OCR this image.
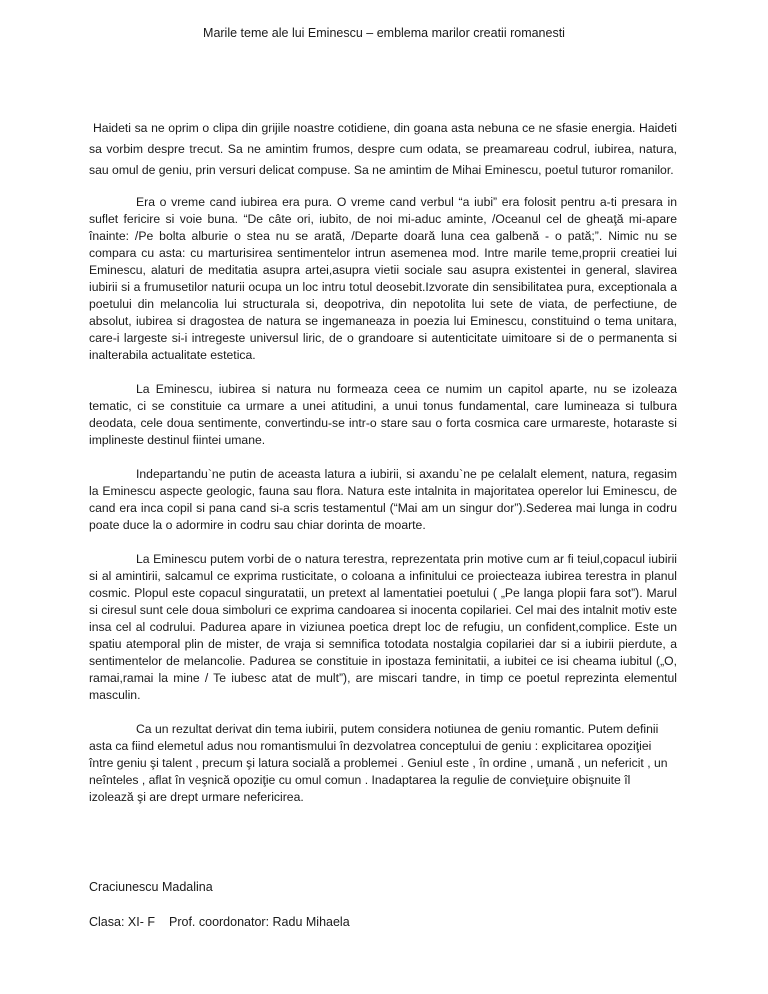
Marile teme ale lui Eminescu – emblema marilor creatii romanesti

Haideti sa ne oprim o clipa din grijile noastre cotidiene, din goana asta nebuna ce ne sfasie energia. Haideti sa vorbim despre trecut. Sa ne amintim frumos, despre cum odata, se preamareau codrul, iubirea, natura, sau omul de geniu, prin versuri delicat compuse. Sa ne amintim de Mihai Eminescu, poetul tuturor romanilor.

Era o vreme cand iubirea era pura. O vreme cand verbul “a iubi” era folosit pentru a-ti presara in suflet fericire si voie buna. “De câte ori, iubito, de noi mi-aduc aminte, /Oceanul cel de gheaţă mi-apare înainte: /Pe bolta alburie o stea nu se arată, /Departe doară luna cea galbenă - o pată;”. Nimic nu se compara cu asta: cu marturisirea sentimentelor intrun asemenea mod. Intre marile teme,proprii creatiei lui Eminescu, alaturi de meditatia asupra artei,asupra vietii sociale sau asupra existentei in general, slavirea iubirii si a frumusetilor naturii ocupa un loc intru totul deosebit.Izvorate din sensibilitatea pura, exceptionala a poetului din melancolia lui structurala si, deopotriva, din nepotolita lui sete de viata, de perfectiune, de absolut, iubirea si dragostea de natura se ingemaneaza in poezia lui Eminescu, constituind o tema unitara, care-i largeste si-i intregeste universul liric, de o grandoare si autenticitate uimitoare si de o permanenta si inalterabila actualitate estetica.

La Eminescu, iubirea si natura nu formeaza ceea ce numim un capitol aparte, nu se izoleaza tematic, ci se constituie ca urmare a unei atitudini, a unui tonus fundamental, care lumineaza si tulbura deodata, cele doua sentimente, convertindu-se intr-o stare sau o forta cosmica care urmareste, hotaraste si implineste destinul fiintei umane.

Indepartandu`ne putin de aceasta latura a iubirii, si axandu`ne pe celalalt element, natura, regasim la Eminescu aspecte geologic, fauna sau flora. Natura este intalnita in majoritatea operelor lui Eminescu, de cand era inca copil si pana cand si-a scris testamentul (“Mai am un singur dor”).Sederea mai lunga in codru poate duce la o adormire in codru sau chiar dorinta de moarte.

La Eminescu putem vorbi de o natura terestra, reprezentata prin motive cum ar fi teiul,copacul iubirii si al amintirii, salcamul ce exprima rusticitate, o coloana a infinitului ce proiecteaza iubirea terestra in planul cosmic. Plopul este copacul singuratatii, un pretext al lamentatiei poetului ( „Pe langa plopii fara sot”). Marul si ciresul sunt cele doua simboluri ce exprima candoarea si inocenta copilariei. Cel mai des intalnit motiv este insa cel al codrului. Padurea apare in viziunea poetica drept loc de refugiu, un confident,complice. Este un spatiu atemporal plin de mister, de vraja si semnifica totodata nostalgia copilariei dar si a iubirii pierdute, a sentimentelor de melancolie. Padurea se constituie in ipostaza feminitatii, a iubitei ce isi cheama iubitul („O, ramai,ramai la mine / Te iubesc atat de mult”), are miscari tandre, in timp ce poetul reprezinta elementul masculin.

Ca un rezultat derivat din tema iubirii, putem considera notiunea de geniu romantic. Putem definii asta ca fiind elemetul adus nou romantismului în dezvolatrea conceptului de geniu : explicitarea opoziţiei între geniu şi talent , precum şi latura socială a problemei . Geniul este , în ordine , umană , un nefericit , un neînteles , aflat în veşnică opoziţie cu omul comun . Inadaptarea la regulie de convieţuire obişnuite îl izolează şi are drept urmare nefericirea.

Craciunescu Madalina
Clasa: XI- F Prof. coordonator: Radu Mihaela
